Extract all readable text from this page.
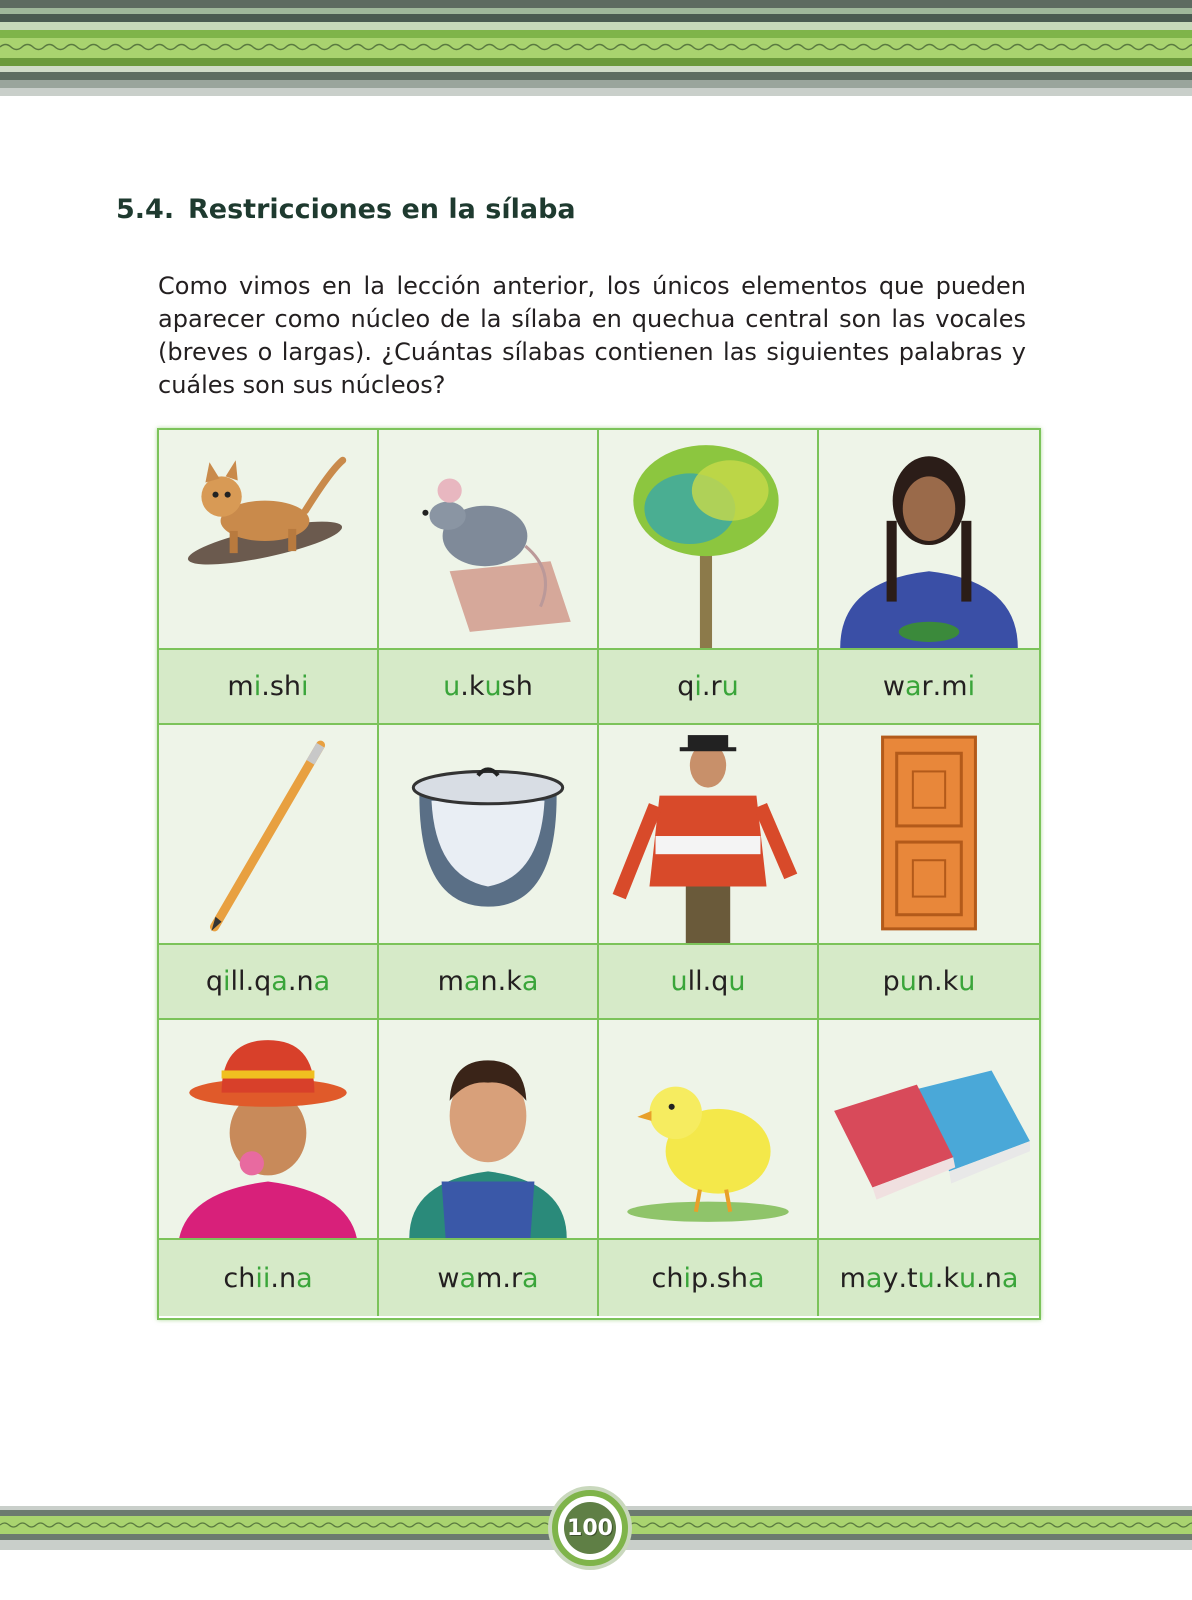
5.4. Restricciones en la sílaba

Como vimos en la lección anterior, los únicos elementos que pueden aparecer como núcleo de la sílaba en quechua central son las vocales (breves o largas). ¿Cuántas sílabas contienen las siguientes palabras y cuáles son sus núcleos?

m i . s h i	u . k u s h	q i . r u	w a r . m i
q i l l . q a . n a	m a n . k a	u l l . q u	p u n . k u
c h i i . n a	w a m . r a	c h i p . s h a	m a y . t u . k u . n a
100
